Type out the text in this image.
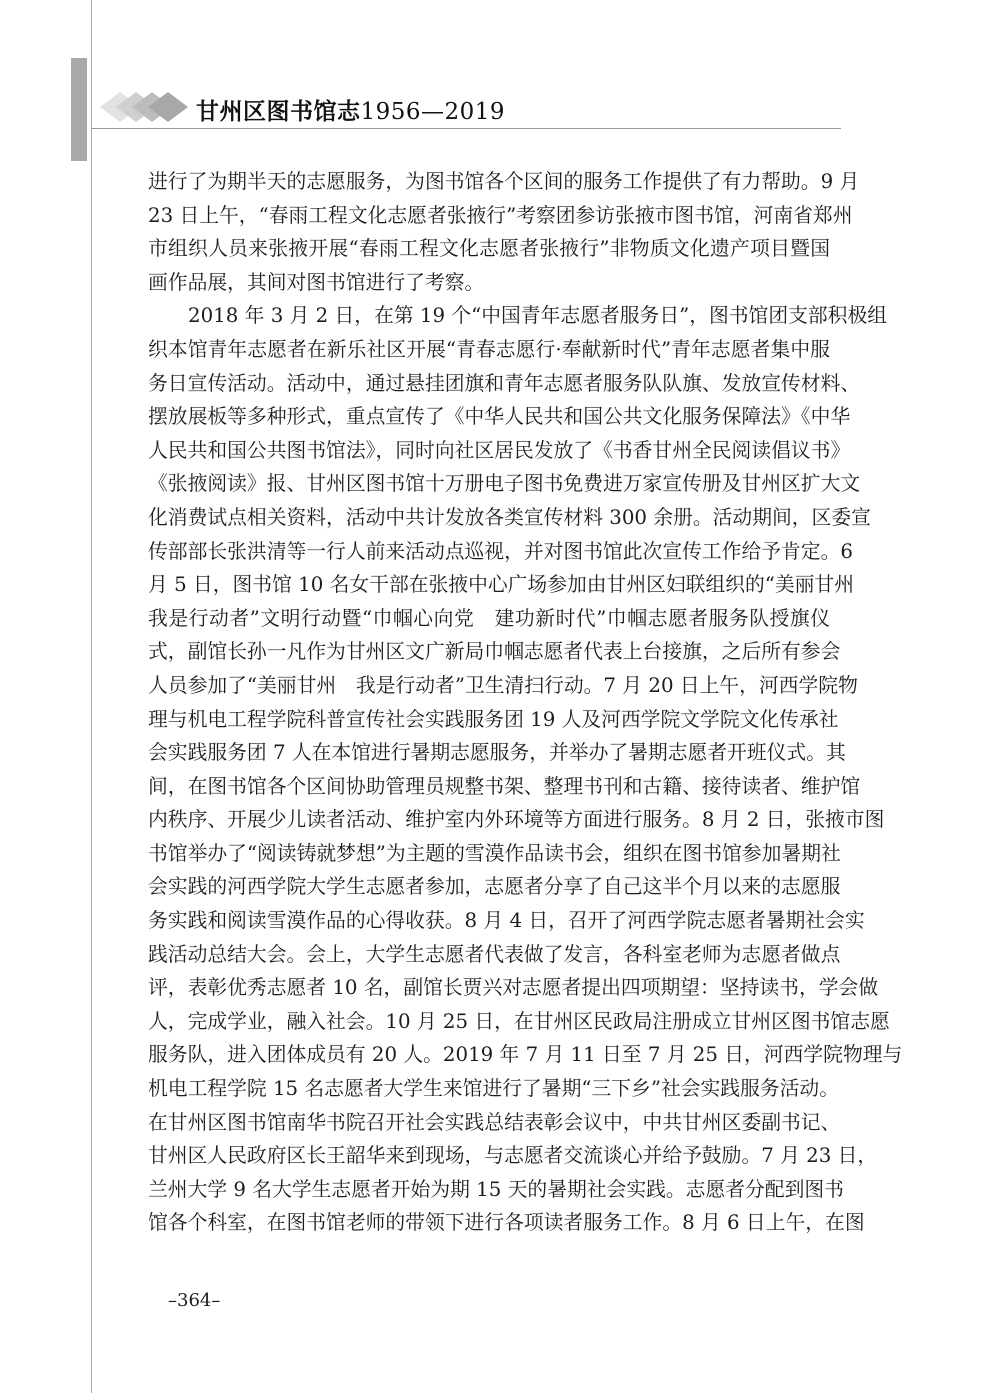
甘州区图书馆志1956—2019
进行了为期半天的志愿服务，为图书馆各个区间的服务工作提供了有力帮助。9 月
23 日上午，“春雨工程文化志愿者张掖行”考察团参访张掖市图书馆，河南省郑州
市组织人员来张掖开展“春雨工程文化志愿者张掖行”非物质文化遗产项目暨国
画作品展，其间对图书馆进行了考察。
2018 年 3 月 2 日，在第 19 个“中国青年志愿者服务日”，图书馆团支部积极组
织本馆青年志愿者在新乐社区开展“青春志愿行·奉献新时代”青年志愿者集中服
务日宣传活动。活动中，通过悬挂团旗和青年志愿者服务队队旗、发放宣传材料、
摆放展板等多种形式，重点宣传了《中华人民共和国公共文化服务保障法》《中华
人民共和国公共图书馆法》，同时向社区居民发放了《书香甘州全民阅读倡议书》
《张掖阅读》报、甘州区图书馆十万册电子图书免费进万家宣传册及甘州区扩大文
化消费试点相关资料，活动中共计发放各类宣传材料 300 余册。活动期间，区委宣
传部部长张洪清等一行人前来活动点巡视，并对图书馆此次宣传工作给予肯定。6
月 5 日，图书馆 10 名女干部在张掖中心广场参加由甘州区妇联组织的“美丽甘州
我是行动者”文明行动暨“巾帼心向党　建功新时代”巾帼志愿者服务队授旗仪
式，副馆长孙一凡作为甘州区文广新局巾帼志愿者代表上台接旗，之后所有参会
人员参加了“美丽甘州　我是行动者”卫生清扫行动。7 月 20 日上午，河西学院物
理与机电工程学院科普宣传社会实践服务团 19 人及河西学院文学院文化传承社
会实践服务团 7 人在本馆进行暑期志愿服务，并举办了暑期志愿者开班仪式。其
间，在图书馆各个区间协助管理员规整书架、整理书刊和古籍、接待读者、维护馆
内秩序、开展少儿读者活动、维护室内外环境等方面进行服务。8 月 2 日，张掖市图
书馆举办了“阅读铸就梦想”为主题的雪漠作品读书会，组织在图书馆参加暑期社
会实践的河西学院大学生志愿者参加，志愿者分享了自己这半个月以来的志愿服
务实践和阅读雪漠作品的心得收获。8 月 4 日，召开了河西学院志愿者暑期社会实
践活动总结大会。会上，大学生志愿者代表做了发言，各科室老师为志愿者做点
评，表彰优秀志愿者 10 名，副馆长贾兴对志愿者提出四项期望：坚持读书，学会做
人，完成学业，融入社会。10 月 25 日，在甘州区民政局注册成立甘州区图书馆志愿
服务队，进入团体成员有 20 人。2019 年 7 月 11 日至 7 月 25 日，河西学院物理与
机电工程学院 15 名志愿者大学生来馆进行了暑期“三下乡”社会实践服务活动。
在甘州区图书馆南华书院召开社会实践总结表彰会议中，中共甘州区委副书记、
甘州区人民政府区长王韶华来到现场，与志愿者交流谈心并给予鼓励。7 月 23 日，
兰州大学 9 名大学生志愿者开始为期 15 天的暑期社会实践。志愿者分配到图书
馆各个科室，在图书馆老师的带领下进行各项读者服务工作。8 月 6 日上午，在图
–364–
